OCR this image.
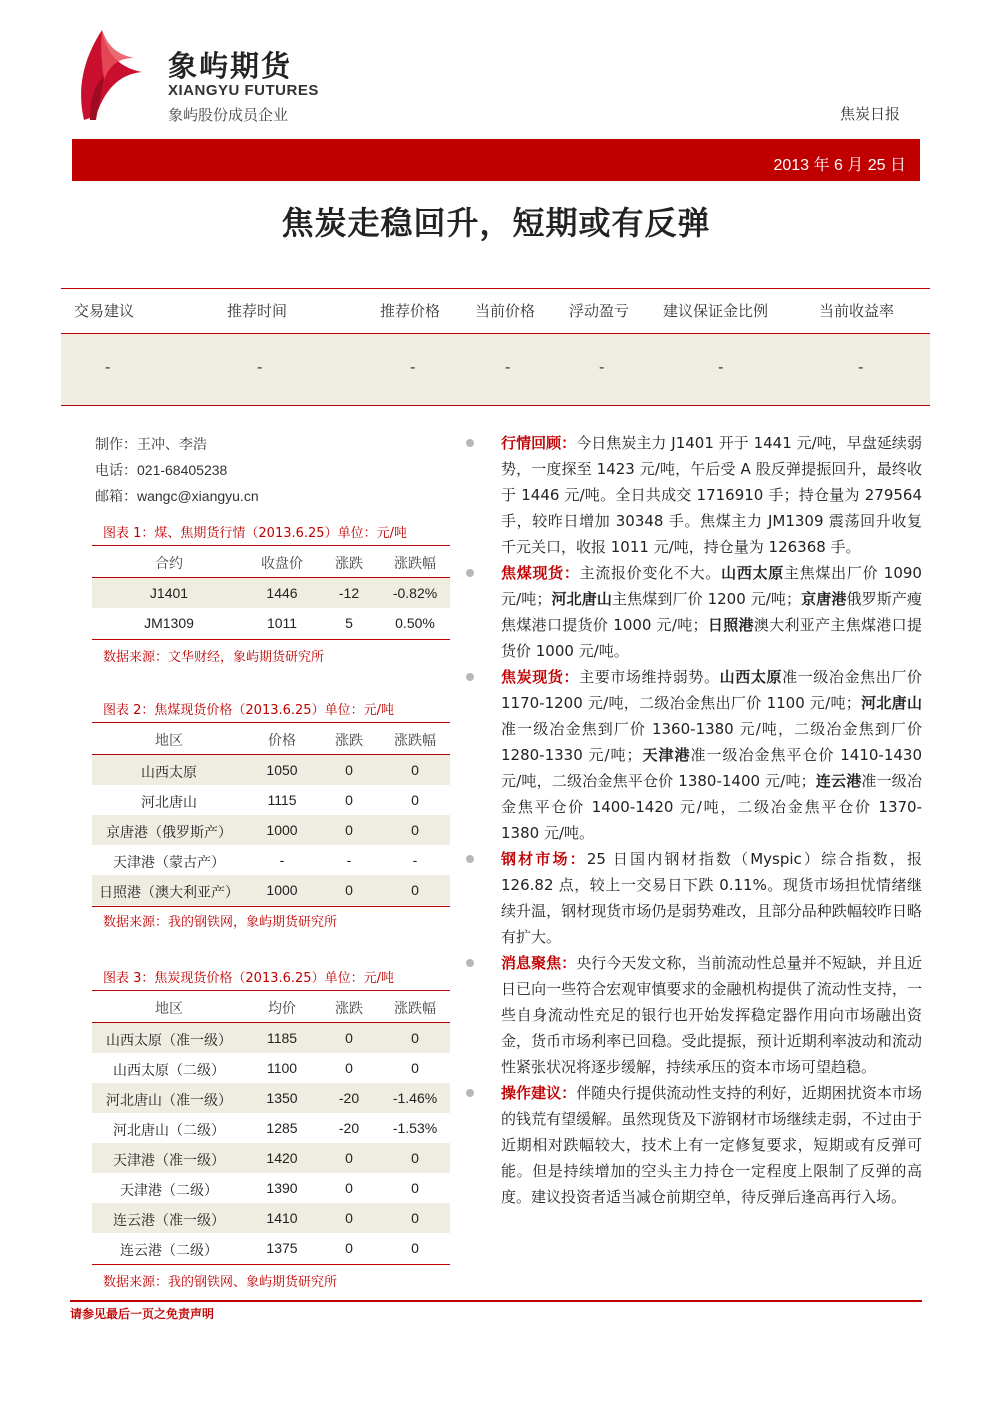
象屿期货
XIANGYU FUTURES
象屿股份成员企业	焦炭日报
2013 年 6 月 25 日
焦炭走稳回升，短期或有反弹
交易建议	推荐时间	推荐价格 当前价格 浮动盈亏 建议保证金比例	当前收益率
-	-	-	-	-	-	-
制作：王冲、李浩
电话：021-68405238
邮箱：wangc@xiangyu.cn
图表 1：煤、焦期货行情（2013.6.25）单位：元/吨
合约	收盘价 涨跌 涨跌幅
J1401	1446	-12 -0.82%
JM1309	1011	5	0.50%
数据来源：文华财经，象屿期货研究所
图表 2：焦煤现货价格（2013.6.25）单位：元/吨
地区	价格	涨跌 涨跌幅
山西太原	1050	0	0
河北唐山	1115	0	0
京唐港（俄罗斯产） 1000	0	0
天津港（蒙古产）	-	-	-
日照港（澳大利亚产） 1000	0	0
数据来源：我的钢铁网，象屿期货研究所
图表 3：焦炭现货价格（2013.6.25）单位：元/吨
地区	均价	涨跌 涨跌幅
山西太原（准一级） 1185	0	0
山西太原（二级）	1100	0	0
河北唐山（准一级） 1350	-20 -1.46%
河北唐山（二级）	1285	-20 -1.53%
天津港（准一级）	1420	0	0
天津港（二级）	1390	0	0
连云港（准一级）	1410	0	0
连云港（二级）	1375	0	0
数据来源：我的钢铁网、象屿期货研究所
行情回顾：今日焦炭主力 J1401 开于 1441 元/吨，早盘延续弱势，一度探至 1423 元/吨，午后受 A 股反弹提振回升，最终收于 1446 元/吨。全日共成交 1716910 手；持仓量为 279564 手，较昨日增加 30348 手。焦煤主力 JM1309 震荡回升收复千元关口，收报 1011 元/吨，持仓量为 126368 手。
焦煤现货：主流报价变化不大。山西太原主焦煤出厂价 1090 元/吨；河北唐山主焦煤到厂价 1200 元/吨；京唐港俄罗斯产瘦焦煤港口提货价 1000 元/吨；日照港澳大利亚产主焦煤港口提货价 1000 元/吨。
焦炭现货：主要市场维持弱势。山西太原准一级冶金焦出厂价 1170-1200 元/吨，二级冶金焦出厂价 1100 元/吨；河北唐山准一级冶金焦到厂价 1360-1380 元/吨，二级冶金焦到厂价 1280-1330 元/吨；天津港准一级冶金焦平仓价 1410-1430 元/吨，二级冶金焦平仓价 1380-1400 元/吨；连云港准一级冶金焦平仓价 1400-1420 元/吨，二级冶金焦平仓价 1370-1380 元/吨。
钢材市场：25 日国内钢材指数（Myspic）综合指数，报 126.82 点，较上一交易日下跌 0.11%。现货市场担忧情绪继续升温，钢材现货市场仍是弱势难改，且部分品种跌幅较昨日略有扩大。
消息聚焦：央行今天发文称，当前流动性总量并不短缺，并且近日已向一些符合宏观审慎要求的金融机构提供了流动性支持，一些自身流动性充足的银行也开始发挥稳定器作用向市场融出资金，货币市场利率已回稳。受此提振，预计近期利率波动和流动性紧张状况将逐步缓解，持续承压的资本市场可望趋稳。
操作建议：伴随央行提供流动性支持的利好，近期困扰资本市场的钱荒有望缓解。虽然现货及下游钢材市场继续走弱，不过由于近期相对跌幅较大，技术上有一定修复要求，短期或有反弹可能。但是持续增加的空头主力持仓一定程度上限制了反弹的高度。建议投资者适当减仓前期空单，待反弹后逢高再行入场。
请参见最后一页之免责声明
